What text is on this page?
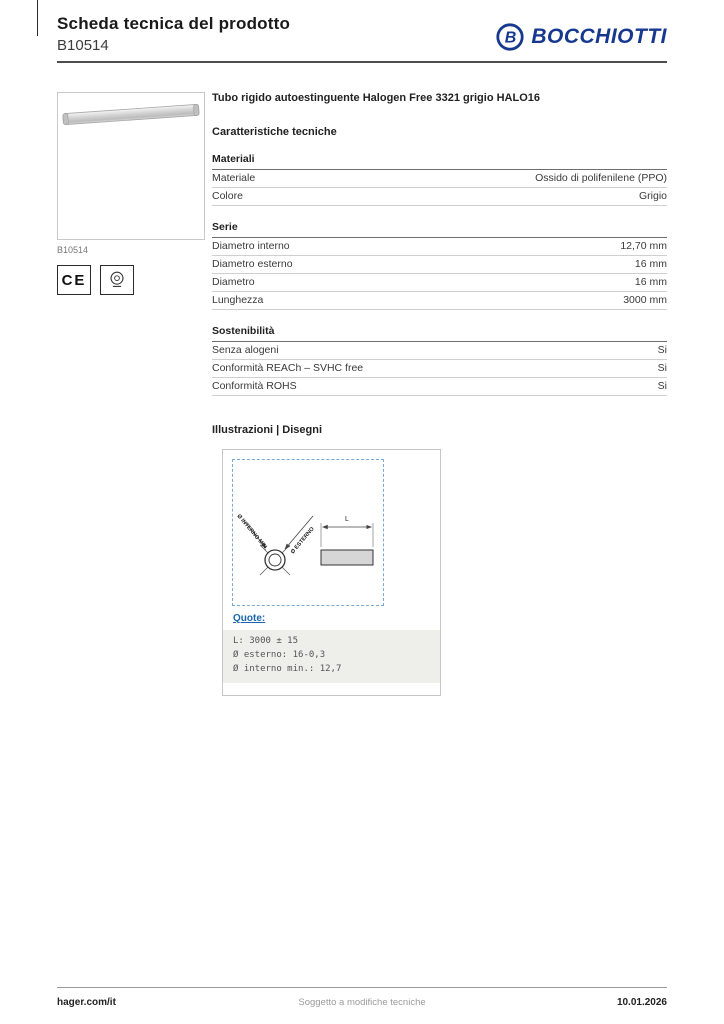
Scheda tecnica del prodotto
B10514	B BOCCHIOTTI
B10514
CE
Tubo rigido autoestinguente Halogen Free 3321 grigio HALO16
Caratteristiche tecniche
Materiali
Materiale	Ossido di polifenilene (PPO)
Colore	Grigio
Serie
Diametro interno	12,70 mm
Diametro esterno	16 mm
Diametro	16 mm
Lunghezza	3000 mm
Sostenibilità
Senza alogeni	Si
Conformità REACh – SVHC free	Si
Conformità ROHS	Si
Illustrazioni | Disegni
Ø INTERNO MIN.	Ø ESTERNO
L
Quote:
L: 3000 ± 15
Ø esterno: 16-0,3
Ø interno min.: 12,7
hager.com/it	Soggetto a modifiche tecniche	10.01.2026
